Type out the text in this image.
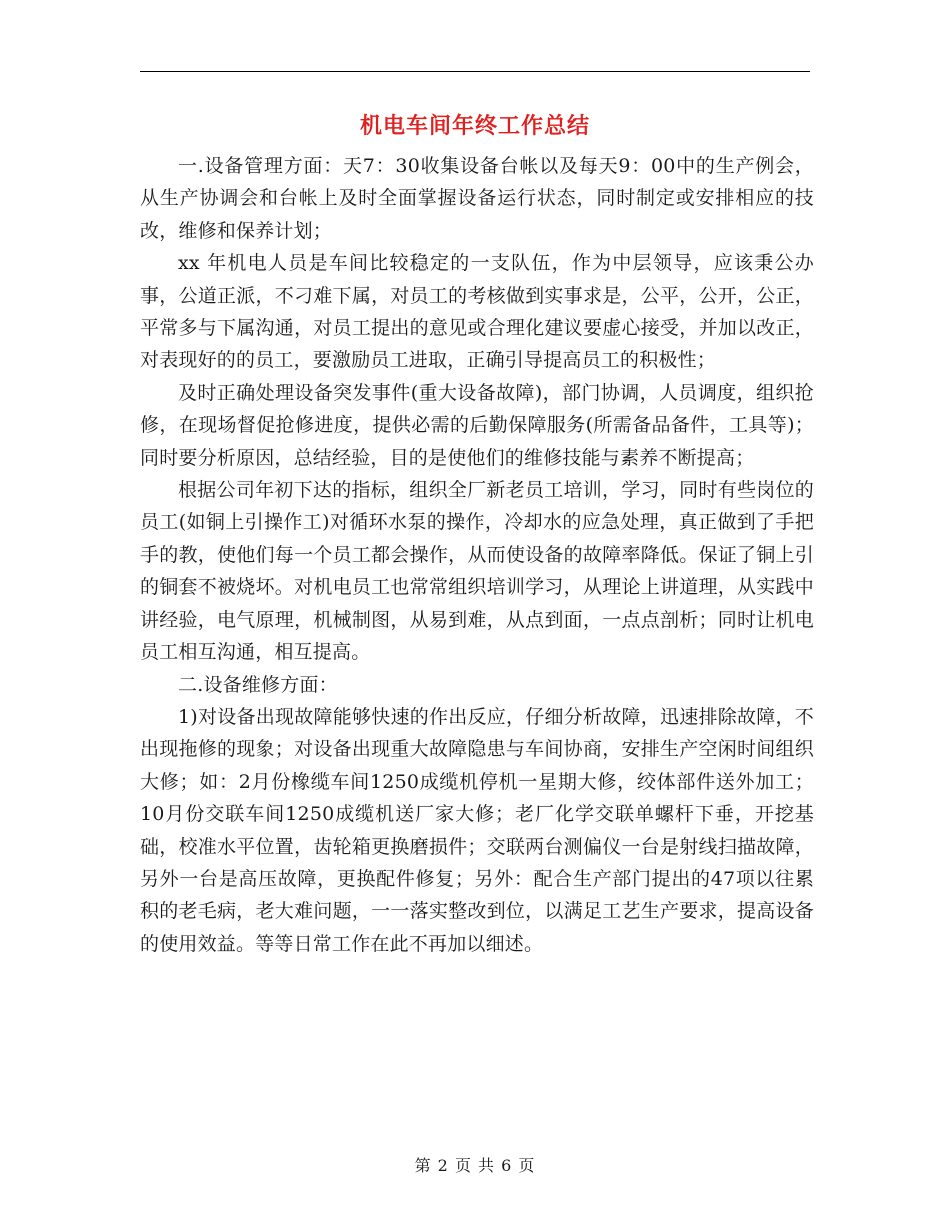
机电车间年终工作总结

一.设备管理方面：天7：30收集设备台帐以及每天9：00中的生产例会，从生产协调会和台帐上及时全面掌握设备运行状态，同时制定或安排相应的技改，维修和保养计划；

xx 年机电人员是车间比较稳定的一支队伍，作为中层领导，应该秉公办事，公道正派，不刁难下属，对员工的考核做到实事求是，公平，公开，公正，平常多与下属沟通，对员工提出的意见或合理化建议要虚心接受，并加以改正，对表现好的的员工，要激励员工进取，正确引导提高员工的积极性；

及时正确处理设备突发事件(重大设备故障)，部门协调，人员调度，组织抢修，在现场督促抢修进度，提供必需的后勤保障服务(所需备品备件，工具等)；同时要分析原因，总结经验，目的是使他们的维修技能与素养不断提高；

根据公司年初下达的指标，组织全厂新老员工培训，学习，同时有些岗位的员工(如铜上引操作工)对循环水泵的操作，冷却水的应急处理，真正做到了手把手的教，使他们每一个员工都会操作，从而使设备的故障率降低。保证了铜上引的铜套不被烧坏。对机电员工也常常组织培训学习，从理论上讲道理，从实践中讲经验，电气原理，机械制图，从易到难，从点到面，一点点剖析；同时让机电员工相互沟通，相互提高。

二.设备维修方面：

1)对设备出现故障能够快速的作出反应，仔细分析故障，迅速排除故障，不出现拖修的现象；对设备出现重大故障隐患与车间协商，安排生产空闲时间组织大修；如：2月份橡缆车间1250成缆机停机一星期大修，绞体部件送外加工；10月份交联车间1250成缆机送厂家大修；老厂化学交联单螺杆下垂，开挖基础，校准水平位置，齿轮箱更换磨损件；交联两台测偏仪一台是射线扫描故障，另外一台是高压故障，更换配件修复；另外：配合生产部门提出的47项以往累积的老毛病，老大难问题，一一落实整改到位，以满足工艺生产要求，提高设备的使用效益。等等日常工作在此不再加以细述。

第 2 页 共 6 页
